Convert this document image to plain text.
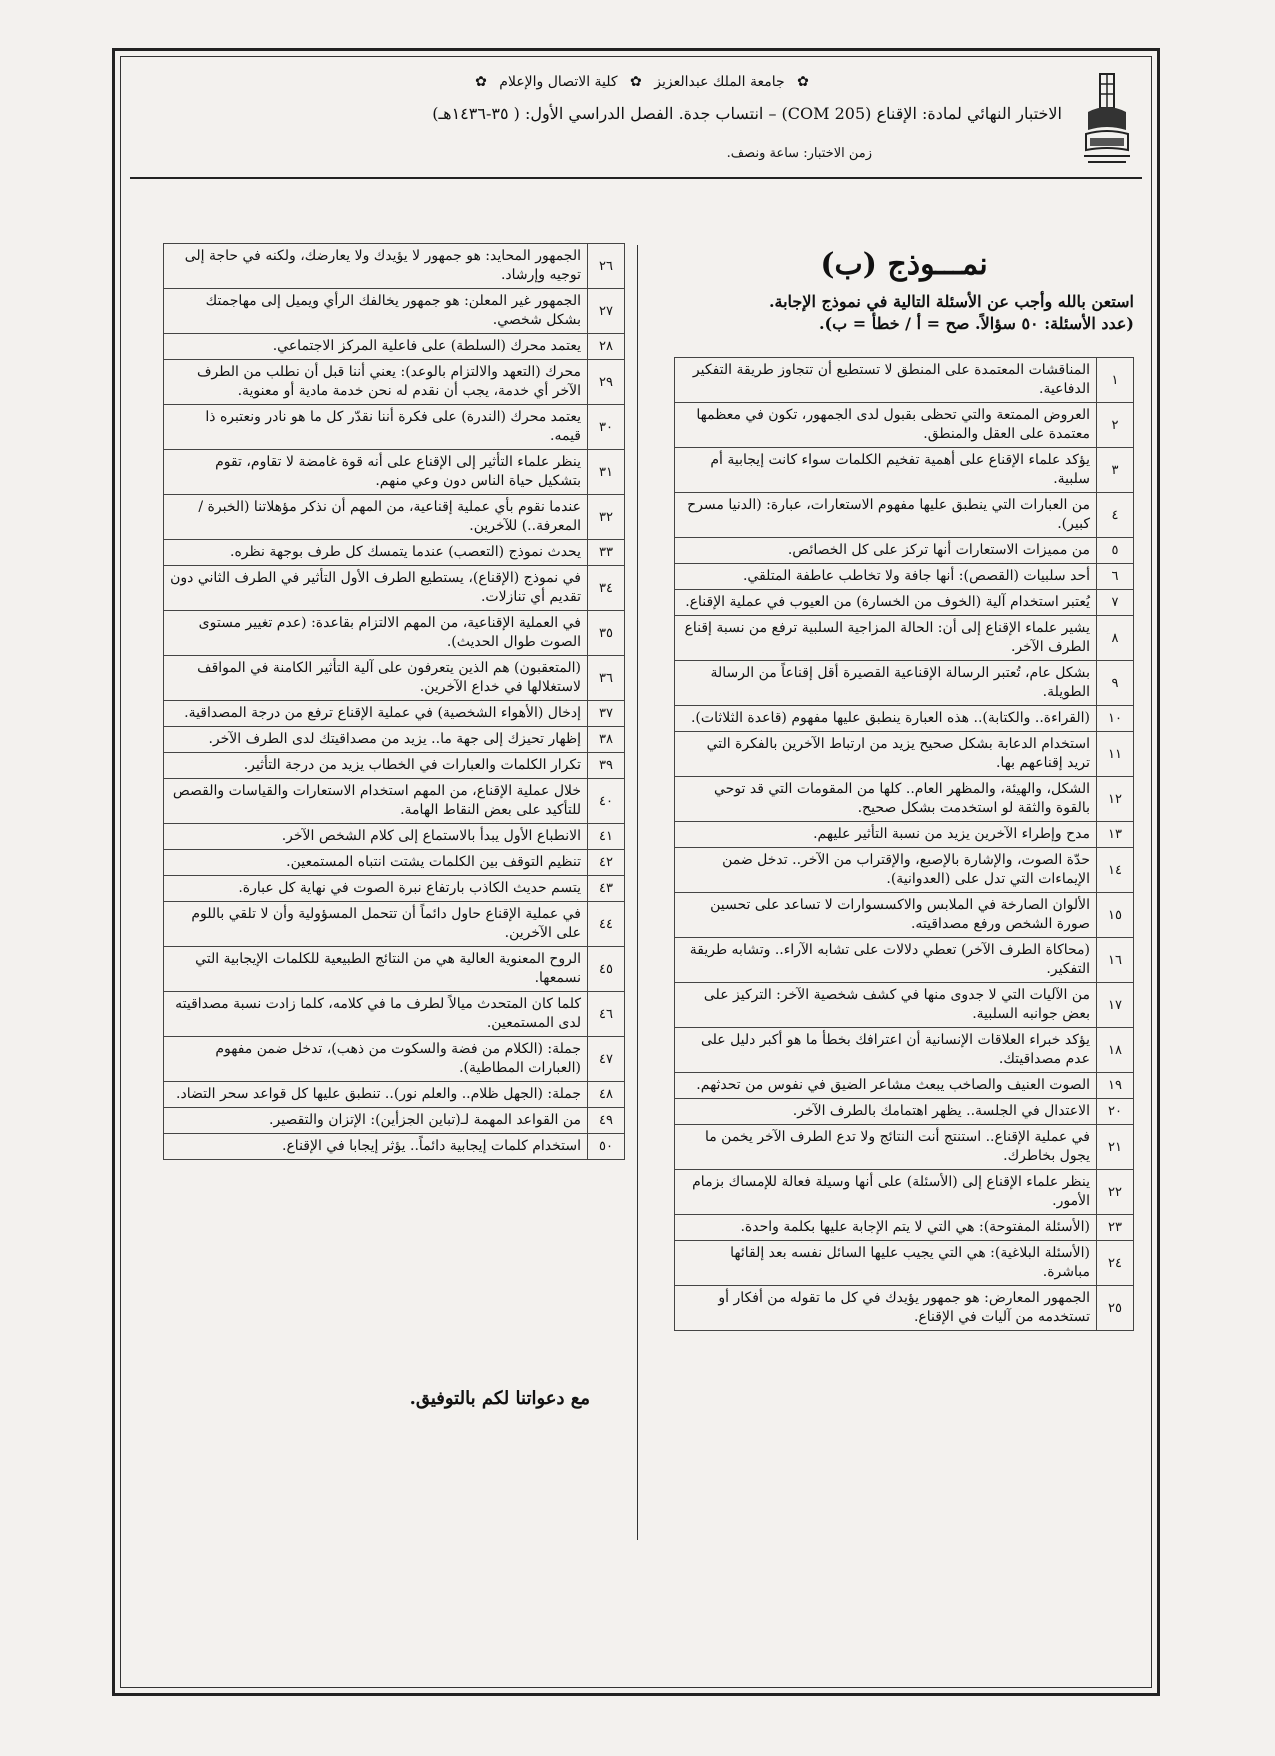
✿ جامعة الملك عبدالعزيز ✿ كلية الاتصال والإعلام ✿
الاختبار النهائي لمادة: الإقناع (COM 205) – انتساب جدة. الفصل الدراسي الأول: ( ٣٥-١٤٣٦هـ)
زمن الاختبار: ساعة ونصف.
نمـــوذج (ب)
استعن بالله وأجب عن الأسئلة التالية في نموذج الإجابة.
(عدد الأسئلة: ٥٠ سؤالاً. صح = أ / خطأ = ب).
١	المناقشات المعتمدة على المنطق لا تستطيع أن تتجاوز طريقة التفكير الدفاعية.
٢	العروض الممتعة والتي تحظى بقبول لدى الجمهور، تكون في معظمها معتمدة على العقل والمنطق.
٣	يؤكد علماء الإقناع على أهمية تفخيم الكلمات سواء كانت إيجابية أم سلبية.
٤	من العبارات التي ينطبق عليها مفهوم الاستعارات، عبارة: (الدنيا مسرح كبير).
٥	من مميزات الاستعارات أنها تركز على كل الخصائص.
٦	أحد سلبيات (القصص): أنها جافة ولا تخاطب عاطفة المتلقي.
٧	يُعتبر استخدام آلية (الخوف من الخسارة) من العيوب في عملية الإقناع.
٨	يشير علماء الإقناع إلى أن: الحالة المزاجية السلبية ترفع من نسبة إقناع الطرف الآخر.
٩	بشكل عام، تُعتبر الرسالة الإقناعية القصيرة أقل إقناعاً من الرسالة الطويلة.
١٠	(القراءة.. والكتابة).. هذه العبارة ينطبق عليها مفهوم (قاعدة الثلاثات).
١١	استخدام الدعابة بشكل صحيح يزيد من ارتباط الآخرين بالفكرة التي تريد إقناعهم بها.
١٢	الشكل، والهيئة، والمظهر العام.. كلها من المقومات التي قد توحي بالقوة والثقة لو استخدمت بشكل صحيح.
١٣	مدح وإطراء الآخرين يزيد من نسبة التأثير عليهم.
١٤	حدّة الصوت، والإشارة بالإصبع، والإقتراب من الآخر.. تدخل ضمن الإيماءات التي تدل على (العدوانية).
١٥	الألوان الصارخة في الملابس والاكسسوارات لا تساعد على تحسين صورة الشخص ورفع مصداقيته.
١٦	(محاكاة الطرف الآخر) تعطي دلالات على تشابه الآراء.. وتشابه طريقة التفكير.
١٧	من الآليات التي لا جدوى منها في كشف شخصية الآخر: التركيز على بعض جوانبه السلبية.
١٨	يؤكد خبراء العلاقات الإنسانية أن اعترافك بخطأ ما هو أكبر دليل على عدم مصداقيتك.
١٩	الصوت العنيف والصاخب يبعث مشاعر الضيق في نفوس من تحدثهم.
٢٠	الاعتدال في الجلسة.. يظهر اهتمامك بالطرف الآخر.
٢١	في عملية الإقناع.. استنتج أنت النتائج ولا تدع الطرف الآخر يخمن ما يجول بخاطرك.
٢٢	ينظر علماء الإقناع إلى (الأسئلة) على أنها وسيلة فعالة للإمساك بزمام الأمور.
٢٣	(الأسئلة المفتوحة): هي التي لا يتم الإجابة عليها بكلمة واحدة.
٢٤	(الأسئلة البلاغية): هي التي يجيب عليها السائل نفسه بعد إلقائها مباشرة.
٢٥	الجمهور المعارض: هو جمهور يؤيدك في كل ما تقوله من أفكار أو تستخدمه من آليات في الإقناع.
٢٦	الجمهور المحايد: هو جمهور لا يؤيدك ولا يعارضك، ولكنه في حاجة إلى توجيه وإرشاد.
٢٧	الجمهور غير المعلن: هو جمهور يخالفك الرأي ويميل إلى مهاجمتك بشكل شخصي.
٢٨	يعتمد محرك (السلطة) على فاعلية المركز الاجتماعي.
٢٩	محرك (التعهد والالتزام بالوعد): يعني أننا قبل أن نطلب من الطرف الآخر أي خدمة، يجب أن نقدم له نحن خدمة مادية أو معنوية.
٣٠	يعتمد محرك (الندرة) على فكرة أننا نقدّر كل ما هو نادر ونعتبره ذا قيمه.
٣١	ينظر علماء التأثير إلى الإقناع على أنه قوة غامضة لا تقاوم، تقوم بتشكيل حياة الناس دون وعي منهم.
٣٢	عندما نقوم بأي عملية إقناعية، من المهم أن نذكر مؤهلاتنا (الخبرة / المعرفة..) للآخرين.
٣٣	يحدث نموذج (التعصب) عندما يتمسك كل طرف بوجهة نظره.
٣٤	في نموذج (الإقناع)، يستطيع الطرف الأول التأثير في الطرف الثاني دون تقديم أي تنازلات.
٣٥	في العملية الإقناعية، من المهم الالتزام بقاعدة: (عدم تغيير مستوى الصوت طوال الحديث).
٣٦	(المتعقبون) هم الذين يتعرفون على آلية التأثير الكامنة في المواقف لاستغلالها في خداع الآخرين.
٣٧	إدخال (الأهواء الشخصية) في عملية الإقناع ترفع من درجة المصداقية.
٣٨	إظهار تحيزك إلى جهة ما.. يزيد من مصداقيتك لدى الطرف الآخر.
٣٩	تكرار الكلمات والعبارات في الخطاب يزيد من درجة التأثير.
٤٠	خلال عملية الإقناع، من المهم استخدام الاستعارات والقياسات والقصص للتأكيد على بعض النقاط الهامة.
٤١	الانطباع الأول يبدأ بالاستماع إلى كلام الشخص الآخر.
٤٢	تنظيم التوقف بين الكلمات يشتت انتباه المستمعين.
٤٣	يتسم حديث الكاذب بارتفاع نبرة الصوت في نهاية كل عبارة.
٤٤	في عملية الإقناع حاول دائماً أن تتحمل المسؤولية وأن لا تلقي باللوم على الآخرين.
٤٥	الروح المعنوية العالية هي من النتائج الطبيعية للكلمات الإيجابية التي نسمعها.
٤٦	كلما كان المتحدث ميالاً لطرف ما في كلامه، كلما زادت نسبة مصداقيته لدى المستمعين.
٤٧	جملة: (الكلام من فضة والسكوت من ذهب)، تدخل ضمن مفهوم (العبارات المطاطية).
٤٨	جملة: (الجهل ظلام.. والعلم نور).. تنطبق عليها كل قواعد سحر التضاد.
٤٩	من القواعد المهمة لـ(تباين الجزأين): الإتزان والتقصير.
٥٠	استخدام كلمات إيجابية دائماً.. يؤثر إيجابا في الإقناع.
مع دعواتنا لكم بالتوفيق.
